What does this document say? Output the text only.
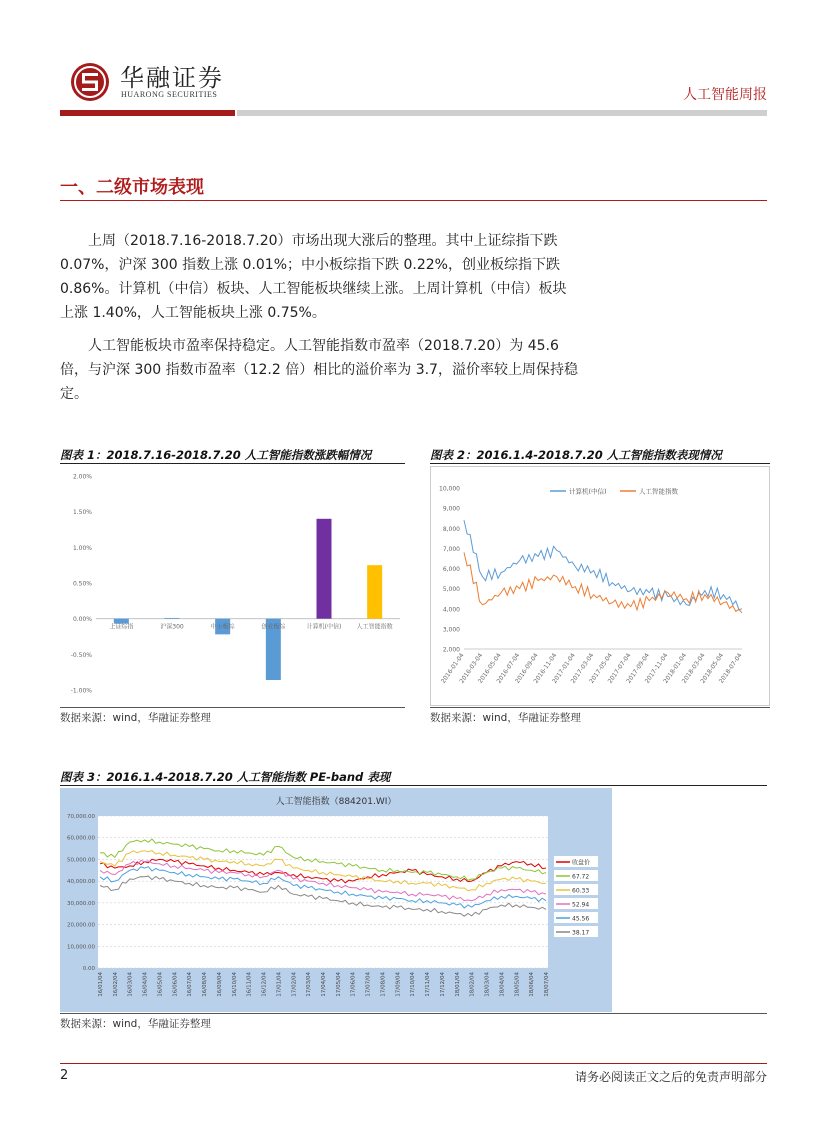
华融证券
HUARONG SECURITIES	人工智能周报
一、二级市场表现
上周（2018.7.16-2018.7.20）市场出现大涨后的整理。其中上证综指下跌0.07%，沪深 300 指数上涨 0.01%；中小板综指下跌 0.22%，创业板综指下跌 0.86%。计算机（中信）板块、人工智能板块继续上涨。上周计算机（中信）板块上涨 1.40%，人工智能板块上涨 0.75%。
人工智能板块市盈率保持稳定。人工智能指数市盈率（2018.7.20）为 45.6倍，与沪深 300 指数市盈率（12.2 倍）相比的溢价率为 3.7，溢价率较上周保持稳定。
图表 1：2018.7.16-2018.7.20 人工智能指数涨跌幅情况
2.00%
1.50%
1.00%
0.50%
0.00%
-0.50%
-1.00%
上证综指	沪深300	中小板综	创业板综	计算机(中信)	人工智能指数
数据来源：wind，华融证券整理
图表 2：2016.1.4-2018.7.20 人工智能指数表现情况
10,000
9,000
8,000
7,000
6,000
5,000
4,000
3,000
2,000
计算机(中信)	人工智能指数
2016-01-04
2016-03-04
2016-05-04
2016-07-04
2016-09-04
2016-11-04
2017-01-04
2017-03-04
2017-05-04
2017-07-04
2017-09-04
2017-11-04
2018-01-04
2018-03-04
2018-05-04
2018-07-04
数据来源：wind，华融证券整理
图表 3：2016.1.4-2018.7.20 人工智能指数 PE-band 表现
人工智能指数（884201.WI）
70,000.00
60,000.00
50,000.00
40,000.00
30,000.00
20,000.00
10,000.00
0.00
收盘价
67.72
60.33
52.94
45.56
38.17
16/01/04 16/02/04 16/03/04 16/04/04 16/05/04 16/06/04 16/07/04 16/08/04 16/09/04 16/10/04 16/11/04 16/12/04 17/01/04 17/02/04 17/03/04 17/04/04 17/05/04 17/06/04 17/07/04 17/08/04 17/09/04 17/10/04 17/11/04 17/12/04 18/01/04 18/02/04 18/03/04 18/04/04 18/05/04 18/06/04 18/07/04
数据来源：wind，华融证券整理
2	请务必阅读正文之后的免责声明部分
